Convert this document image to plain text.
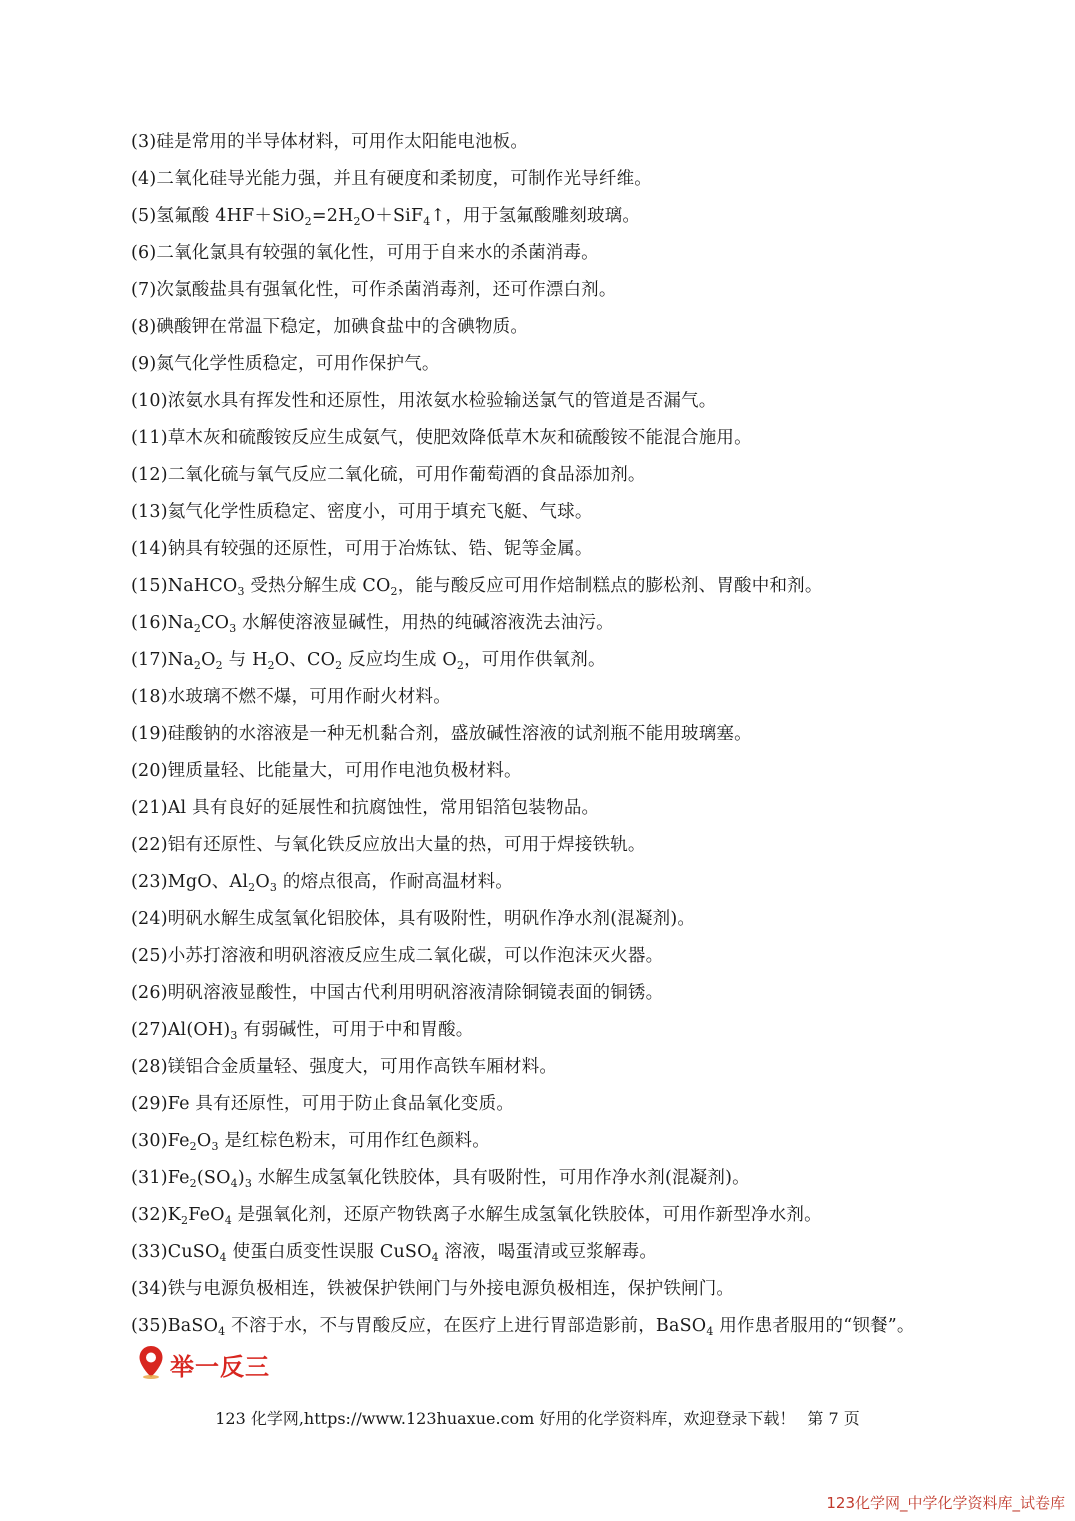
(3)硅是常用的半导体材料，可用作太阳能电池板。
(4)二氧化硅导光能力强，并且有硬度和柔韧度，可制作光导纤维。
(5)氢氟酸 $4HF+SiO_2=2H_2O+SiF_4↑$，用于氢氟酸雕刻玻璃。
(6)二氧化氯具有较强的氧化性，可用于自来水的杀菌消毒。
(7)次氯酸盐具有强氧化性，可作杀菌消毒剂，还可作漂白剂。
(8)碘酸钾在常温下稳定，加碘食盐中的含碘物质。
(9)氮气化学性质稳定，可用作保护气。
(10)浓氨水具有挥发性和还原性，用浓氨水检验输送氯气的管道是否漏气。
(11)草木灰和硫酸铵反应生成氨气，使肥效降低草木灰和硫酸铵不能混合施用。
(12)二氧化硫与氧气反应二氧化硫，可用作葡萄酒的食品添加剂。
(13)氦气化学性质稳定、密度小，可用于填充飞艇、气球。
(14)钠具有较强的还原性，可用于冶炼钛、锆、铌等金属。
(15)NaHCO$_3$ 受热分解生成 $CO_2$，能与酸反应可用作焙制糕点的膨松剂、胃酸中和剂。
$(16)Na_2CO_3$ 水解使溶液显碱性，用热的纯碱溶液洗去油污。
$(17)Na_2O_2$ 与 $H_2O$、$CO_2$ 反应均生成 $O_2$，可用作供氧剂。
(18)水玻璃不燃不爆，可用作耐火材料。
(19)硅酸钠的水溶液是一种无机黏合剂，盛放碱性溶液的试剂瓶不能用玻璃塞。
(20)锂质量轻、比能量大，可用作电池负极材料。
(21)Al 具有良好的延展性和抗腐蚀性，常用铝箔包装物品。
(22)铝有还原性、与氧化铁反应放出大量的热，可用于焊接铁轨。
(23)MgO、$Al_2O_3$ 的熔点很高，作耐高温材料。
(24)明矾水解生成氢氧化铝胶体，具有吸附性，明矾作净水剂(混凝剂)。
(25)小苏打溶液和明矾溶液反应生成二氧化碳，可以作泡沫灭火器。
(26)明矾溶液显酸性，中国古代利用明矾溶液清除铜镜表面的铜锈。
$(27)Al(OH)_3$ 有弱碱性，可用于中和胃酸。
(28)镁铝合金质量轻、强度大，可用作高铁车厢材料。
(29)Fe 具有还原性，可用于防止食品氧化变质。
$(30)Fe_2O_3$ 是红棕色粉末，可用作红色颜料。
$(31)Fe_2(SO_4)_3$ 水解生成氢氧化铁胶体，具有吸附性，可用作净水剂(混凝剂)。
$(32)K_2FeO_4$ 是强氧化剂，还原产物铁离子水解生成氢氧化铁胶体，可用作新型净水剂。
(33)CuSO$_4$ 使蛋白质变性误服 CuSO$_4$ 溶液，喝蛋清或豆浆解毒。
(34)铁与电源负极相连，铁被保护铁闸门与外接电源负极相连，保护铁闸门。
(35)BaSO$_4$ 不溶于水，不与胃酸反应，在医疗上进行胃部造影前，BaSO$_4$ 用作患者服用的“钡餐”。
举一反三
123 化学网,https://www.123huaxue.com 好用的化学资料库，欢迎登录下载！ 第 7 页
123化学网_中学化学资料库_试卷库
